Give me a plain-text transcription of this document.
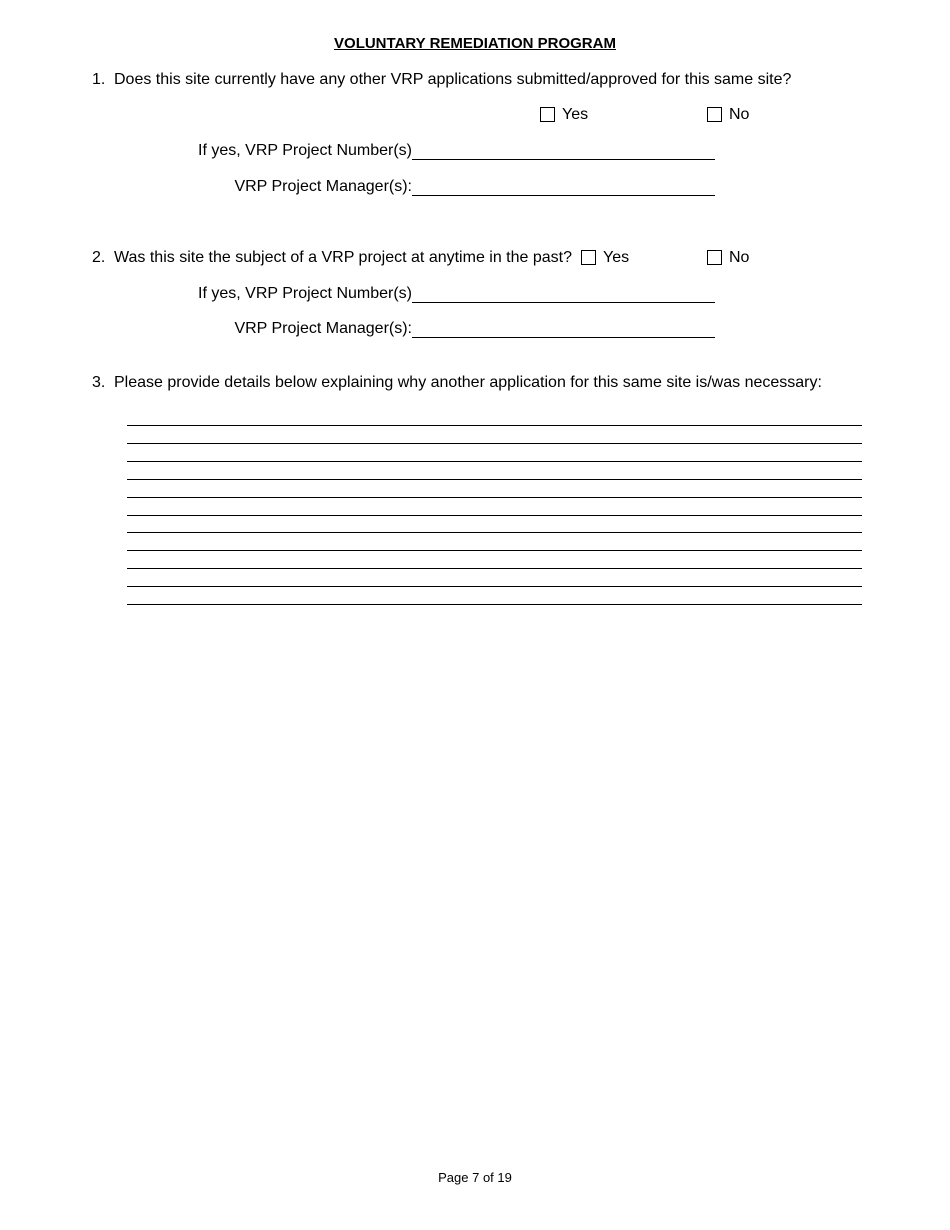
VOLUNTARY REMEDIATION PROGRAM
1. Does this site currently have any other VRP applications submitted/approved for this same site?
Yes	No
If yes, VRP Project Number(s)
VRP Project Manager(s):
2. Was this site the subject of a VRP project at anytime in the past? Yes	No
If yes, VRP Project Number(s)
VRP Project Manager(s):
3. Please provide details below explaining why another application for this same site is/was necessary:
Page 7 of 19
